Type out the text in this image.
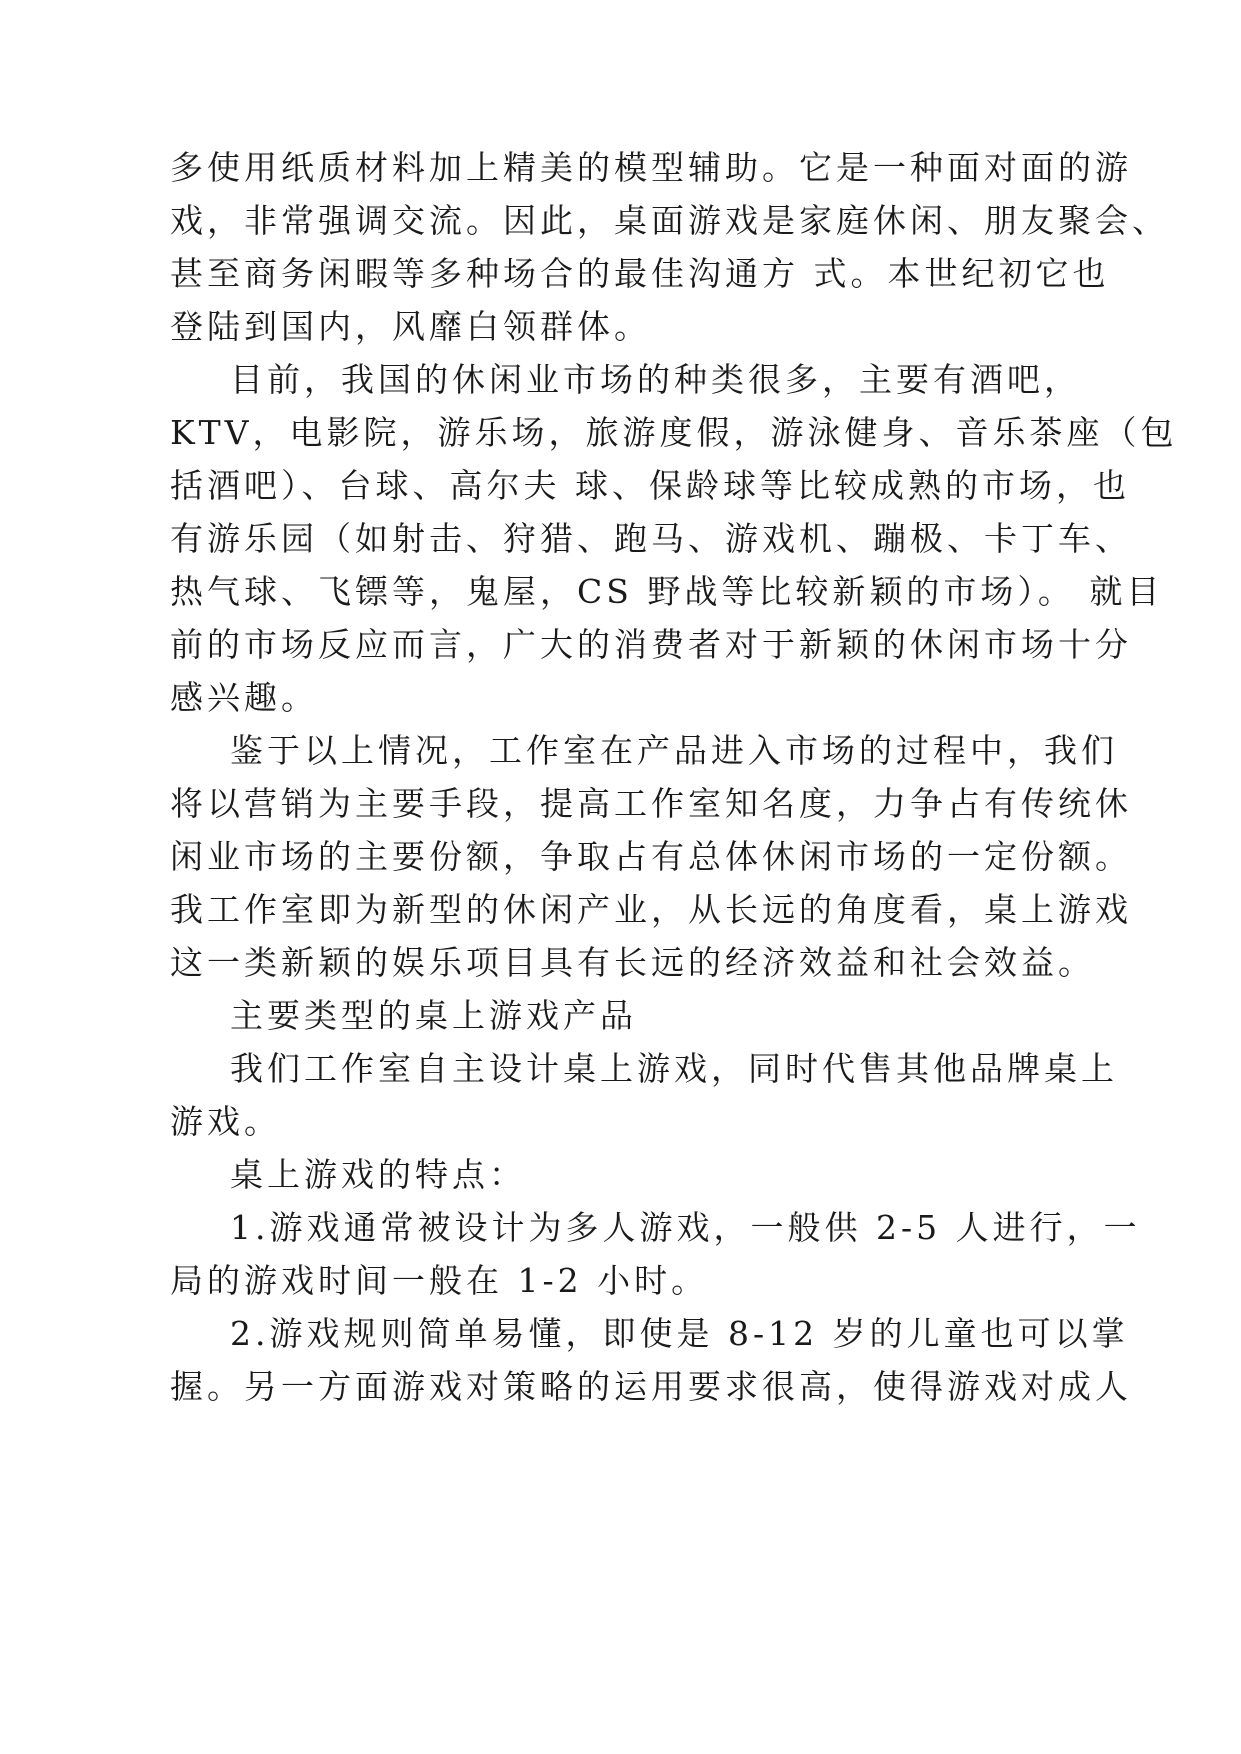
多使用纸质材料加上精美的模型辅助。它是一种面对面的游
戏，非常强调交流。因此，桌面游戏是家庭休闲、朋友聚会、
甚至商务闲暇等多种场合的最佳沟通方 式。本世纪初它也
登陆到国内，风靡白领群体。
目前，我国的休闲业市场的种类很多，主要有酒吧，
KTV，电影院，游乐场，旅游度假，游泳健身、音乐茶座（包
括酒吧）、台球、高尔夫 球、保龄球等比较成熟的市场，也
有游乐园（如射击、狩猎、跑马、游戏机、蹦极、卡丁车、
热气球、飞镖等，鬼屋，CS 野战等比较新颖的市场）。 就目
前的市场反应而言，广大的消费者对于新颖的休闲市场十分
感兴趣。
鉴于以上情况，工作室在产品进入市场的过程中，我们
将以营销为主要手段，提高工作室知名度，力争占有传统休
闲业市场的主要份额，争取占有总体休闲市场的一定份额。
我工作室即为新型的休闲产业，从长远的角度看，桌上游戏
这一类新颖的娱乐项目具有长远的经济效益和社会效益。
主要类型的桌上游戏产品
我们工作室自主设计桌上游戏，同时代售其他品牌桌上
游戏。
桌上游戏的特点：
1.游戏通常被设计为多人游戏，一般供 2-5 人进行，一
局的游戏时间一般在 1-2 小时。
2.游戏规则简单易懂，即使是 8-12 岁的儿童也可以掌
握。另一方面游戏对策略的运用要求很高，使得游戏对成人
